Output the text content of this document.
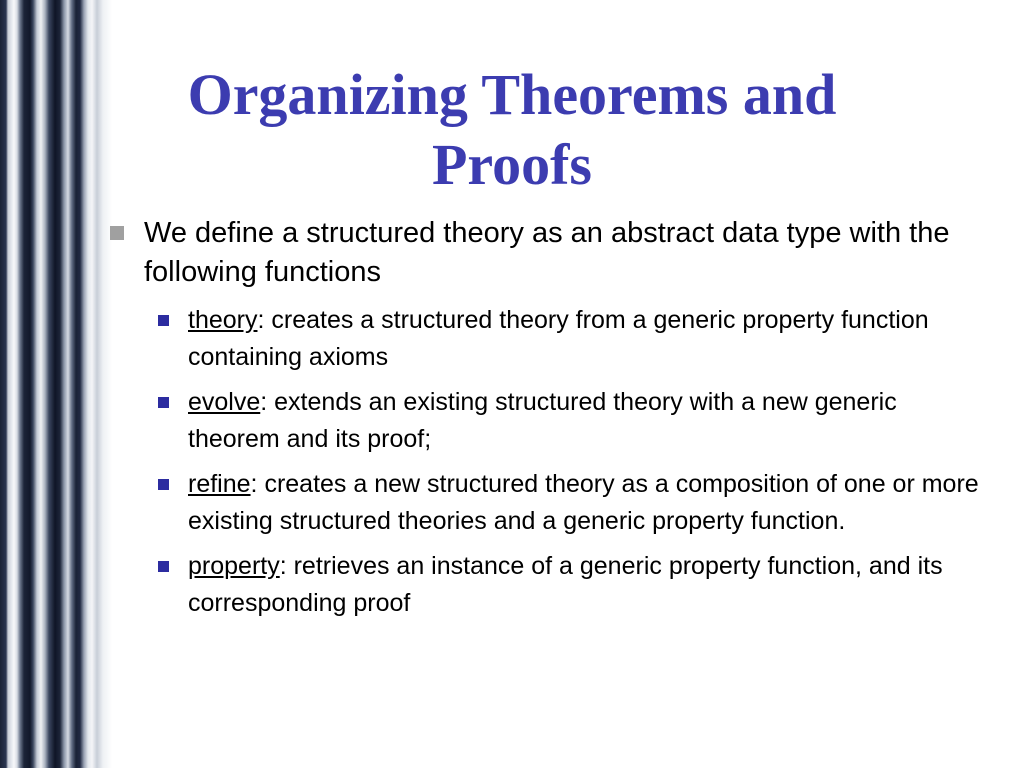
Organizing Theorems and
Proofs
We define a structured theory as an abstract data type with the following functions
theory: creates a structured theory from a generic property function containing axioms
evolve: extends an existing structured theory with a new generic theorem and its proof;
refine: creates a new structured theory as a composition of one or more existing structured theories and a generic property function.
property: retrieves an instance of a generic property function, and its corresponding proof
